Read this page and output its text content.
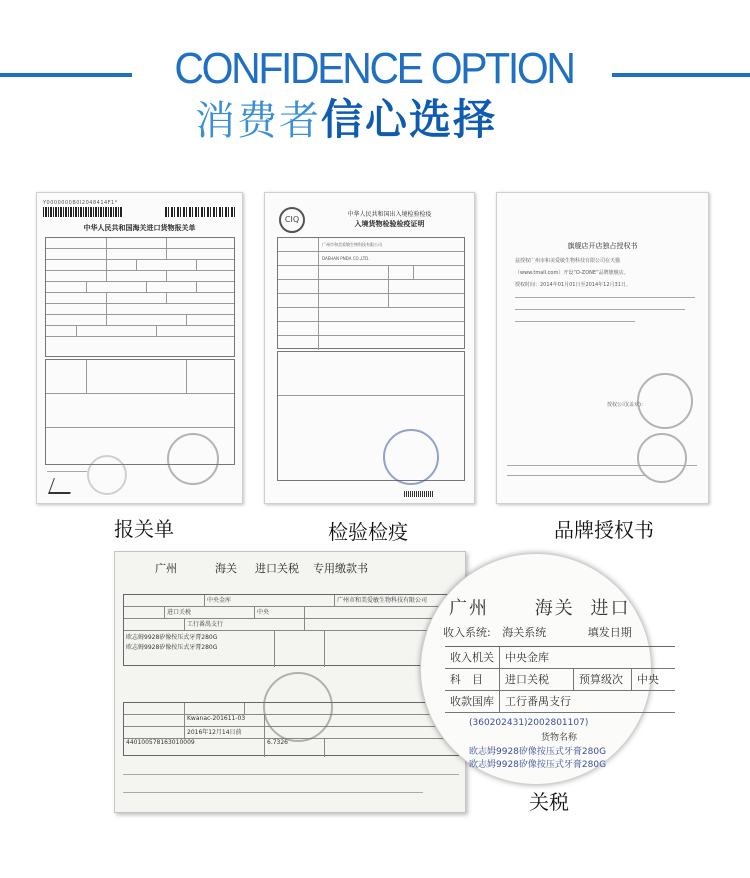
CONFIDENCE OPTION
消费者信心选择
Y0000000B0I2048414F1*
中华人民共和国海关进口货物报关单
报关单
CIQ
中华人民共和国出入境检验检疫
入境货物检验检疫证明
广州市和美爱敏生物科技有限公司
DAEHAN PNDA CO.,LTD.
检验检疫
旗舰店开店独占授权书
兹授权广州市和美爱敏生物科技有限公司在天猫
（www.tmall.com）开设“O-ZONE”品牌旗舰店。
授权时间：2014年01月01日至2014年12月31日。
授权公司(盖章)：
品牌授权书
广州	海关 进口关税 专用缴款书
中央金库	广州市和美爱敏生物科技有限公司
进口关税	中央
工行番禺支行
欧志姆9928矽像按压式牙膏280G
欧志姆9928矽像按压式牙膏280G
Kwanac-201611-03
2016年12月14日前
440100578163010009	6.7326
广州	海关 进口
收入系统: 海关系统	填发日期
收入机关	中央金库
科　目	进口关税	预算级次	中央
收款国库	工行番禺支行
(360202431)2002801107)
货物名称
欧志姆9928矽像按压式牙膏280G
欧志姆9928矽像按压式牙膏280G
关税
